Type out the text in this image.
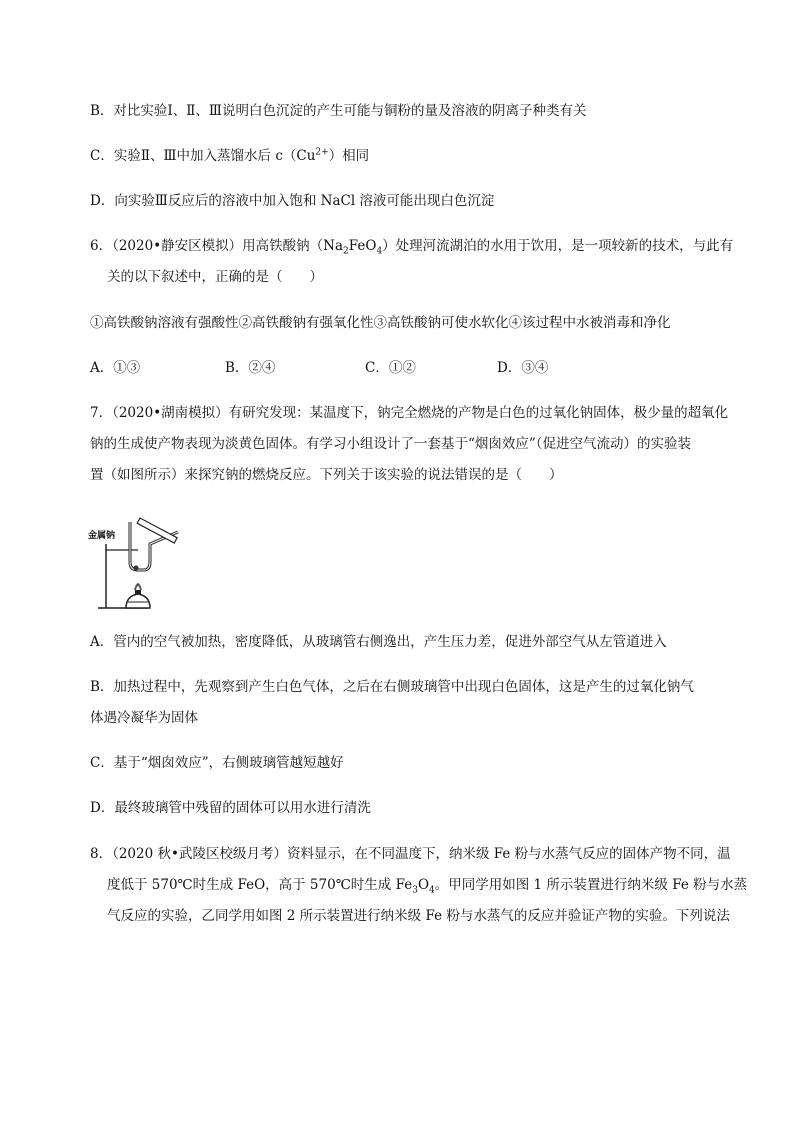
B．对比实验Ⅰ、Ⅱ、Ⅲ说明白色沉淀的产生可能与铜粉的量及溶液的阴离子种类有关
C．实验Ⅱ、Ⅲ中加入蒸馏水后 $c(Cu^{2+})$相同
D．向实验Ⅲ反应后的溶液中加入饱和 NaCl 溶液可能出现白色沉淀
6．（2020•静安区模拟）用高铁酸钠$(Na_2FeO_4)$处理河流湖泊的水用于饮用，是一项较新的技术，与此有
关的以下叙述中，正确的是（　　）
①高铁酸钠溶液有强酸性②高铁酸钠有强氧化性③高铁酸钠可使水软化④该过程中水被消毒和净化
A．①③	B．②④	C．①②	D．③④
7．（2020•湖南模拟）有研究发现：某温度下，钠完全燃烧的产物是白色的过氧化钠固体，极少量的超氧化
钠的生成使产物表现为淡黄色固体。有学习小组设计了一套基于“烟囱效应”（促进空气流动）的实验装
置（如图所示）来探究钠的燃烧反应。下列关于该实验的说法错误的是（　　）
金属钠
A．管内的空气被加热，密度降低，从玻璃管右侧逸出，产生压力差，促进外部空气从左管道进入
B．加热过程中，先观察到产生白色气体，之后在右侧玻璃管中出现白色固体，这是产生的过氧化钠气
体遇冷凝华为固体
C．基于“烟囱效应”，右侧玻璃管越短越好
D．最终玻璃管中残留的固体可以用水进行清洗
8．（2020 秋•武陵区校级月考）资料显示，在不同温度下，纳米级 Fe 粉与水蒸气反应的固体产物不同，温
度低于 570℃时生成 FeO，高于 570℃时生成 $Fe_3O_4$。甲同学用如图 1 所示装置进行纳米级 Fe 粉与水蒸
气反应的实验，乙同学用如图 2 所示装置进行纳米级 Fe 粉与水蒸气的反应并验证产物的实验。下列说法
